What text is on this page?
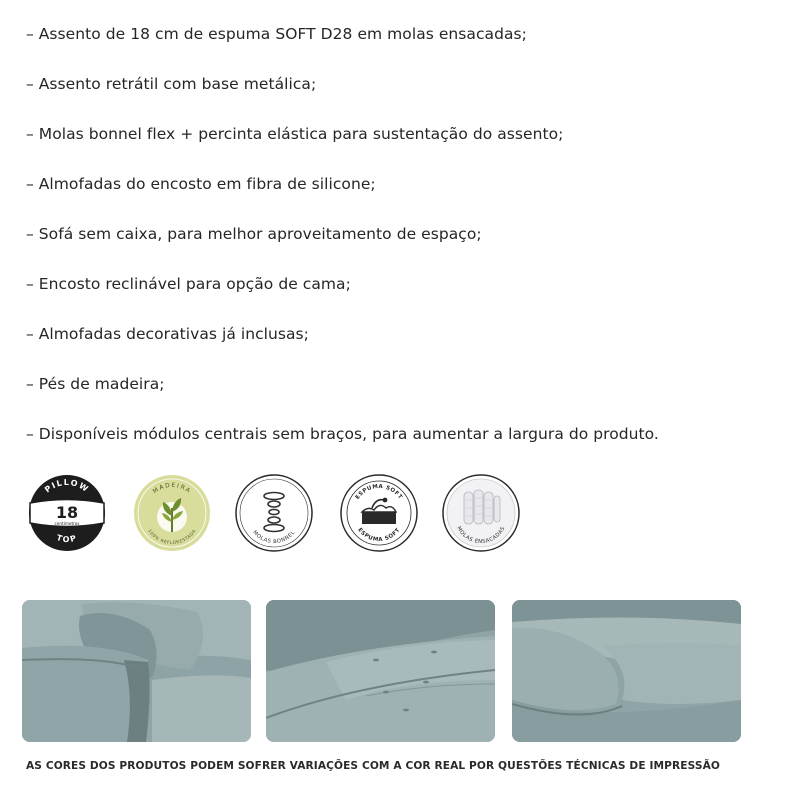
– Assento de 18 cm de espuma SOFT D28 em molas ensacadas;
– Assento retrátil com base metálica;
– Molas bonnel flex + percinta elástica para sustentação do assento;
– Almofadas do encosto em fibra de silicone;
– Sofá sem caixa, para melhor aproveitamento de espaço;
– Encosto reclinável para opção de cama;
– Almofadas decorativas já inclusas;
– Pés de madeira;
– Disponíveis módulos centrais sem braços, para aumentar a largura do produto.
PILLOW
TOP
18
centímetros
MADEIRA
100% REFLORESTADA	MOLAS BONNEL
ESPUMA SOFT
ESPUMA SOFT	MOLAS ENSACADAS
AS CORES DOS PRODUTOS PODEM SOFRER VARIAÇÕES COM A COR REAL POR QUESTÕES TÉCNICAS DE IMPRESSÃO
